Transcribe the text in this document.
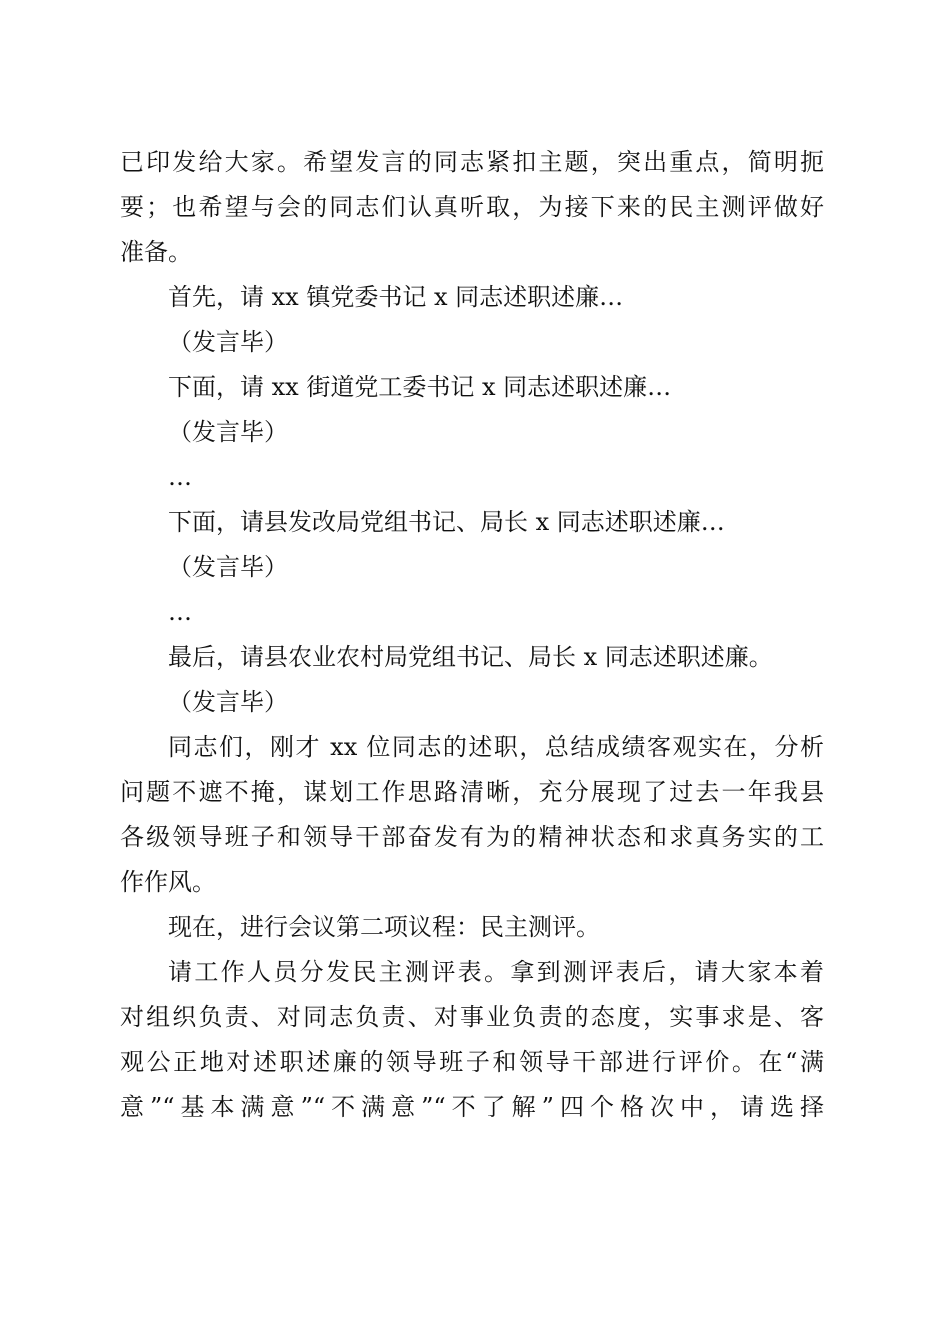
已印发给大家。希望发言的同志紧扣主题，突出重点，简明扼
要；也希望与会的同志们认真听取，为接下来的民主测评做好
准备。
首先，请 xx 镇党委书记 x 同志述职述廉…
（发言毕）
下面，请 xx 街道党工委书记 x 同志述职述廉…
（发言毕）
…
下面，请县发改局党组书记、局长 x 同志述职述廉…
（发言毕）
…
最后，请县农业农村局党组书记、局长 x 同志述职述廉。
（发言毕）
同志们，刚才 xx 位同志的述职，总结成绩客观实在，分析
问题不遮不掩，谋划工作思路清晰，充分展现了过去一年我县
各级领导班子和领导干部奋发有为的精神状态和求真务实的工
作作风。
现在，进行会议第二项议程：民主测评。
请工作人员分发民主测评表。拿到测评表后，请大家本着
对组织负责、对同志负责、对事业负责的态度，实事求是、客
观公正地对述职述廉的领导班子和领导干部进行评价。在“满
意”“基本满意”“不满意”“不了解”四个格次中，请选择
